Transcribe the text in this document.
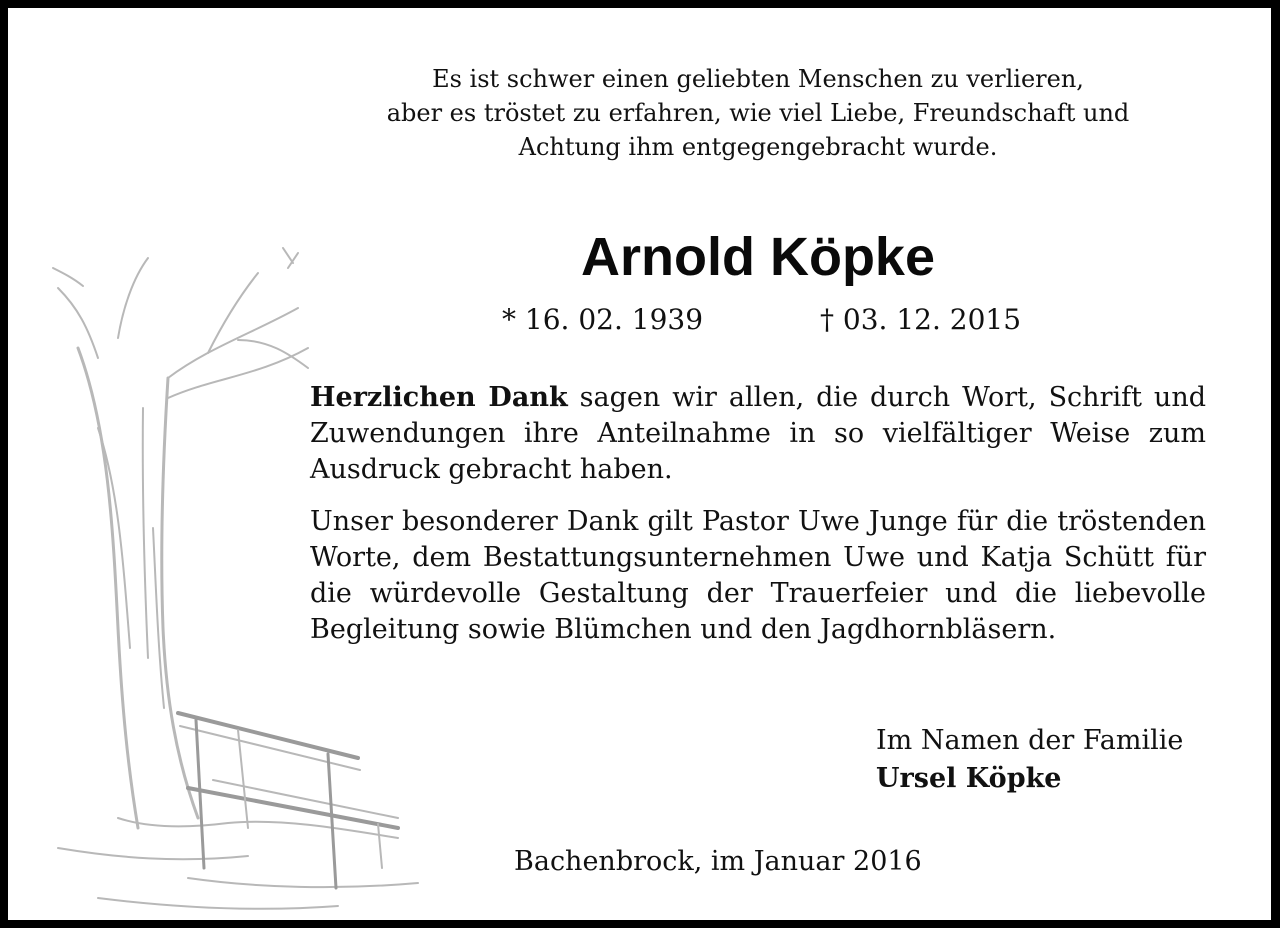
Es ist schwer einen geliebten Menschen zu verlieren,
aber es tröstet zu erfahren, wie viel Liebe, Freundschaft und
Achtung ihm entgegengebracht wurde.
Arnold Köpke
* 16. 02. 1939	† 03. 12. 2015
Herzlichen Dank sagen wir allen, die durch Wort, Schrift und Zuwendungen ihre Anteilnahme in so vielfältiger Weise zum Ausdruck gebracht haben.
Unser besonderer Dank gilt Pastor Uwe Junge für die tröstenden Worte, dem Bestattungsunternehmen Uwe und Katja Schütt für die würdevolle Gestaltung der Trauerfeier und die liebevolle Begleitung sowie Blümchen und den Jagdhornbläsern.
Im Namen der Familie
Ursel Köpke
Bachenbrock, im Januar 2016
